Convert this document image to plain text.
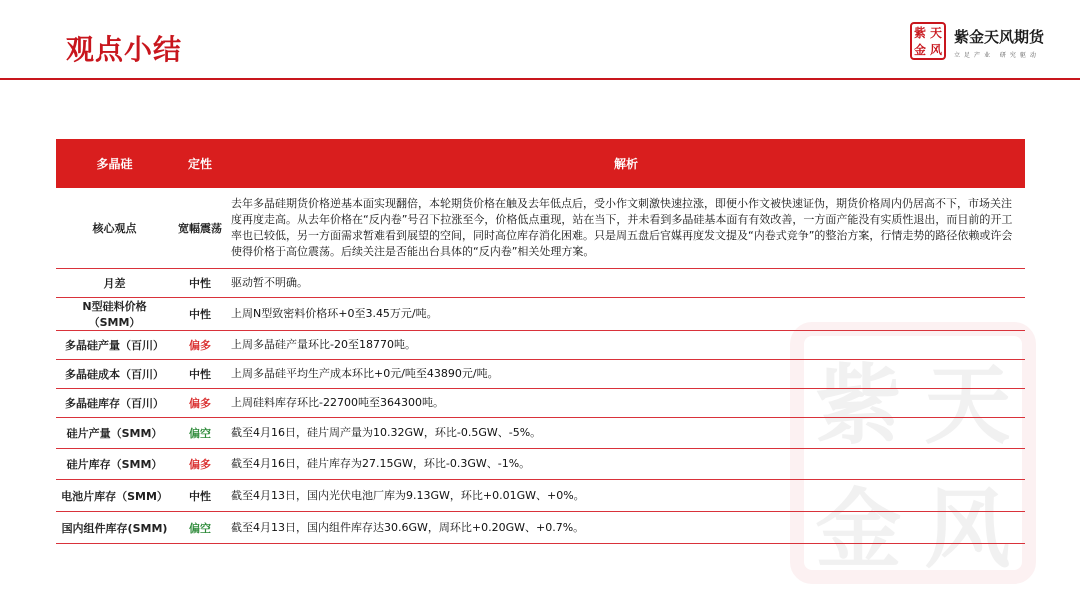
观点小结
紫 天
金 风
紫金天风期货
立足产业 研究驱动
紫 天
金 风
多晶硅	定性	解析
核心观点	宽幅震荡	去年多晶硅期货价格逆基本面实现翻倍，本轮期货价格在触及去年低点后，受小作文刺激快速拉涨，即便小作文被快速证伪，期货价格周内仍居高不下，市场关注度再度走高。从去年价格在“反内卷”号召下拉涨至今，价格低点重现，站在当下，并未看到多晶硅基本面有有效改善，一方面产能没有实质性退出，而目前的开工率也已较低，另一方面需求暂难看到展望的空间，同时高位库存消化困难。只是周五盘后官媒再度发文提及“内卷式竞争”的整治方案，行情走势的路径依赖或许会使得价格于高位震荡。后续关注是否能出台具体的“反内卷”相关处理方案。
月差	中性	驱动暂不明确。
N型硅料价格（SMM）	中性	上周N型致密料价格环+0至3.45万元/吨。
多晶硅产量（百川）	偏多	上周多晶硅产量环比-20至18770吨。
多晶硅成本（百川）	中性	上周多晶硅平均生产成本环比+0元/吨至43890元/吨。
多晶硅库存（百川）	偏多	上周硅料库存环比-22700吨至364300吨。
硅片产量（SMM）	偏空	截至4月16日，硅片周产量为10.32GW，环比-0.5GW、-5%。
硅片库存（SMM）	偏多	截至4月16日，硅片库存为27.15GW，环比-0.3GW、-1%。
电池片库存（SMM）	中性	截至4月13日，国内光伏电池厂库为9.13GW，环比+0.01GW、+0%。
国内组件库存(SMM)	偏空	截至4月13日，国内组件库存达30.6GW，周环比+0.20GW、+0.7%。
